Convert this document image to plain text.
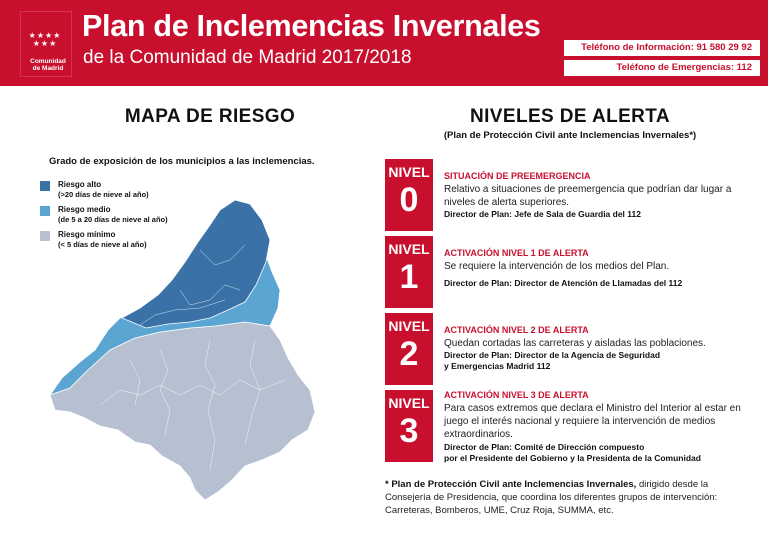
★★★★
★★★
Comunidad
de Madrid
Plan de Inclemencias Invernales
de la Comunidad de Madrid 2017/2018	Teléfono de Información: 91 580 29 92
Teléfono de Emergencias: 112
MAPA DE RIESGO
Grado de exposición de los municipios a las inclemencias.
Riesgo alto
(>20 días de nieve al año)
Riesgo medio
(de 5 a 20 días de nieve al año)
Riesgo mínimo
(< 5 días de nieve al año)
NIVELES DE ALERTA
(Plan de Protección Civil ante Inclemencias Invernales*)
NIVEL
0
SITUACIÓN DE PREEMERGENCIA
Relativo a situaciones de preemergencia que podrían dar lugar a niveles de alerta superiores.
Director de Plan: Jefe de Sala de Guardia del 112
NIVEL
1
ACTIVACIÓN NIVEL 1 DE ALERTA
Se requiere la intervención de los medios del Plan.
Director de Plan: Director de Atención de Llamadas del 112
NIVEL
2
ACTIVACIÓN NIVEL 2 DE ALERTA
Quedan cortadas las carreteras y aisladas las poblaciones.
Director de Plan: Director de la Agencia de Seguridad
y Emergencias Madrid 112
NIVEL
3
ACTIVACIÓN NIVEL 3 DE ALERTA
Para casos extremos que declara el Ministro del Interior al estar en juego el interés nacional y requiere la intervención de medios extraordinarios.
Director de Plan: Comité de Dirección compuesto
por el Presidente del Gobierno y la Presidenta de la Comunidad
* Plan de Protección Civil ante Inclemencias Invernales, dirigido desde la Consejería de Presidencia, que coordina los diferentes grupos de intervención: Carreteras, Bomberos, UME, Cruz Roja, SUMMA, etc.
